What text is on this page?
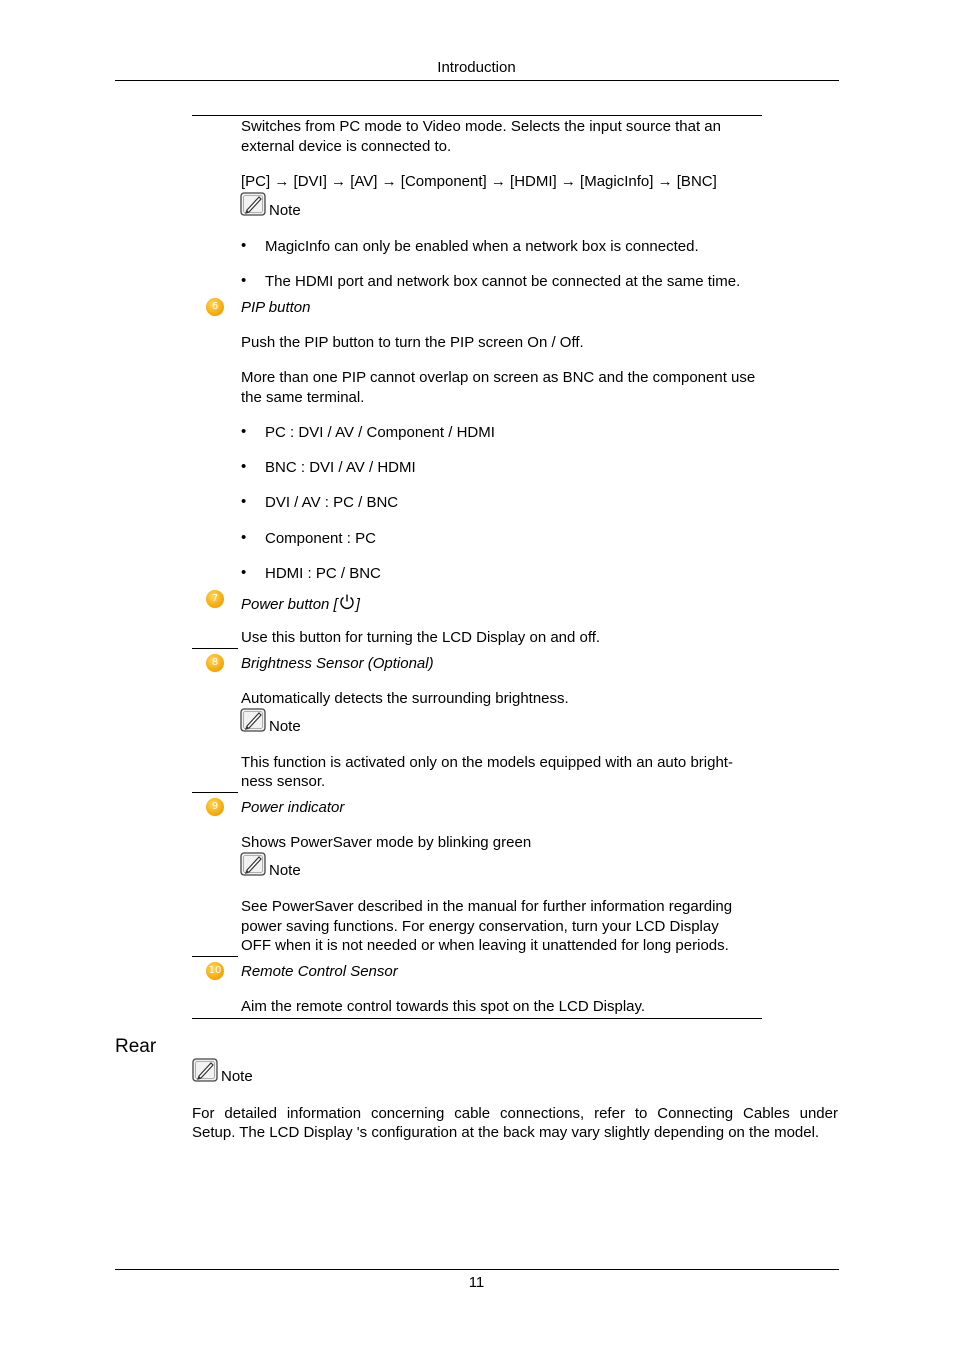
Introduction
Switches from PC mode to Video mode. Selects the input source that an external device is connected to.
[PC] → [DVI] → [AV] → [Component] → [HDMI] → [MagicInfo] → [BNC]
Note
• MagicInfo can only be enabled when a network box is connected.
• The HDMI port and network box cannot be connected at the same time.
6	PIP button
Push the PIP button to turn the PIP screen On / Off.
More than one PIP cannot overlap on screen as BNC and the component use the same terminal.
• PC : DVI / AV / Component / HDMI
• BNC : DVI / AV / HDMI
• DVI / AV : PC / BNC
• Component : PC
• HDMI : PC / BNC
7	Power button [ ]
Use this button for turning the LCD Display on and off.
8	Brightness Sensor (Optional)
Automatically detects the surrounding brightness.
Note
This function is activated only on the models equipped with an auto bright-
ness sensor.
9	Power indicator
Shows PowerSaver mode by blinking green
Note
See PowerSaver described in the manual for further information regarding
power saving functions. For energy conservation, turn your LCD Display
OFF when it is not needed or when leaving it unattended for long periods.
10 Remote Control Sensor
Aim the remote control towards this spot on the LCD Display.
Rear
Note
For detailed information concerning cable connections, refer to Connecting Cables under
Setup. The LCD Display 's configuration at the back may vary slightly depending on the model.
11
